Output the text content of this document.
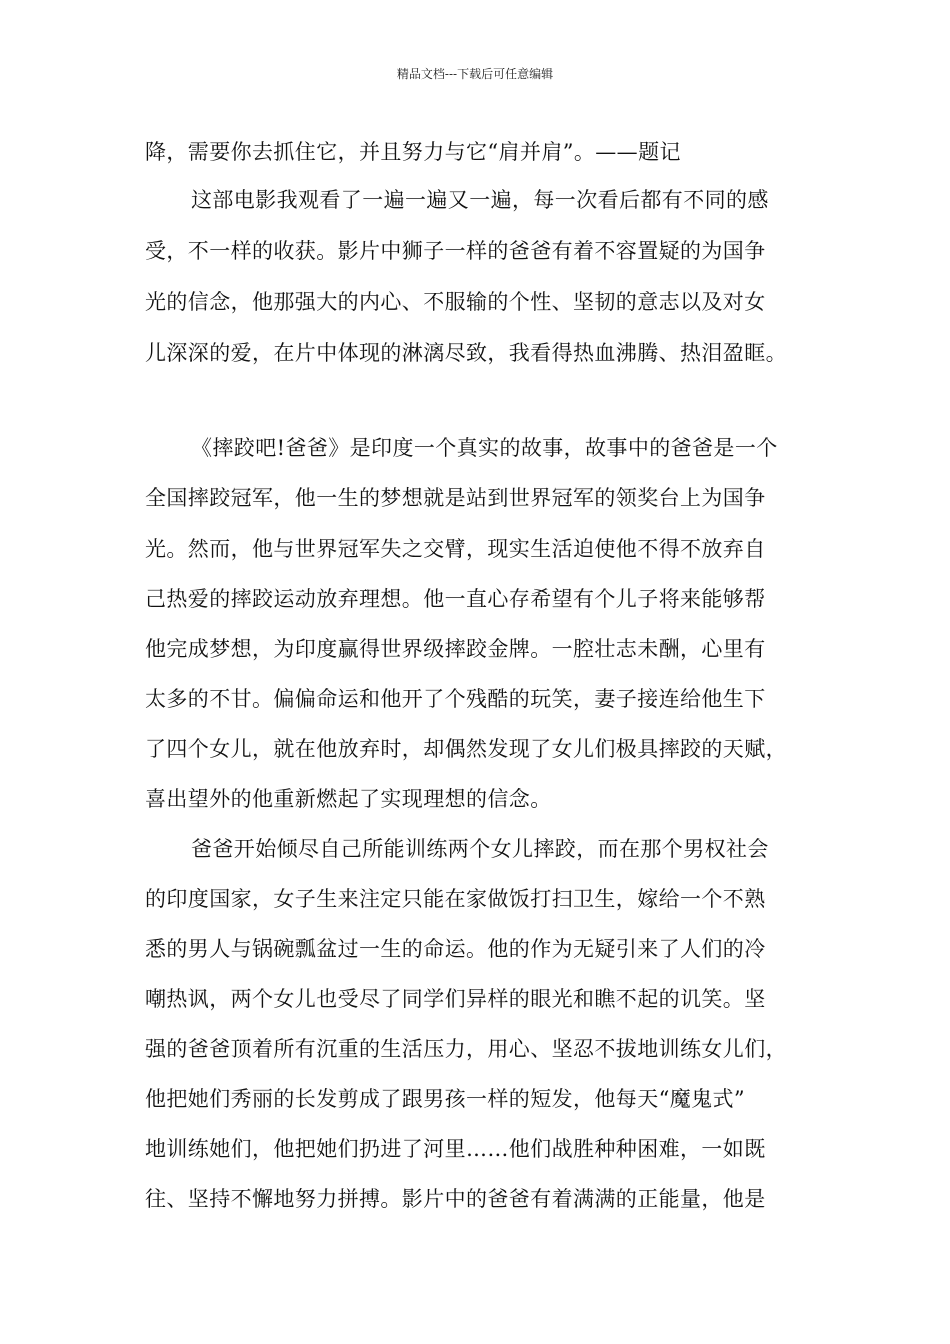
精品文档---下载后可任意编辑
降，需要你去抓住它，并且努力与它“肩并肩”。——题记
这部电影我观看了一遍一遍又一遍，每一次看后都有不同的感
受，不一样的收获。影片中狮子一样的爸爸有着不容置疑的为国争
光的信念，他那强大的内心、不服输的个性、坚韧的意志以及对女
儿深深的爱，在片中体现的淋漓尽致，我看得热血沸腾、热泪盈眶。
《摔跤吧!爸爸》是印度一个真实的故事，故事中的爸爸是一个
全国摔跤冠军，他一生的梦想就是站到世界冠军的领奖台上为国争
光。然而，他与世界冠军失之交臂，现实生活迫使他不得不放弃自
己热爱的摔跤运动放弃理想。他一直心存希望有个儿子将来能够帮
他完成梦想，为印度赢得世界级摔跤金牌。一腔壮志未酬，心里有
太多的不甘。偏偏命运和他开了个残酷的玩笑，妻子接连给他生下
了四个女儿，就在他放弃时，却偶然发现了女儿们极具摔跤的天赋，
喜出望外的他重新燃起了实现理想的信念。
爸爸开始倾尽自己所能训练两个女儿摔跤，而在那个男权社会
的印度国家，女子生来注定只能在家做饭打扫卫生，嫁给一个不熟
悉的男人与锅碗瓢盆过一生的命运。他的作为无疑引来了人们的冷
嘲热讽，两个女儿也受尽了同学们异样的眼光和瞧不起的讥笑。坚
强的爸爸顶着所有沉重的生活压力，用心、坚忍不拔地训练女儿们，
他把她们秀丽的长发剪成了跟男孩一样的短发，他每天“魔鬼式”
地训练她们，他把她们扔进了河里……他们战胜种种困难，一如既
往、坚持不懈地努力拼搏。影片中的爸爸有着满满的正能量，他是
